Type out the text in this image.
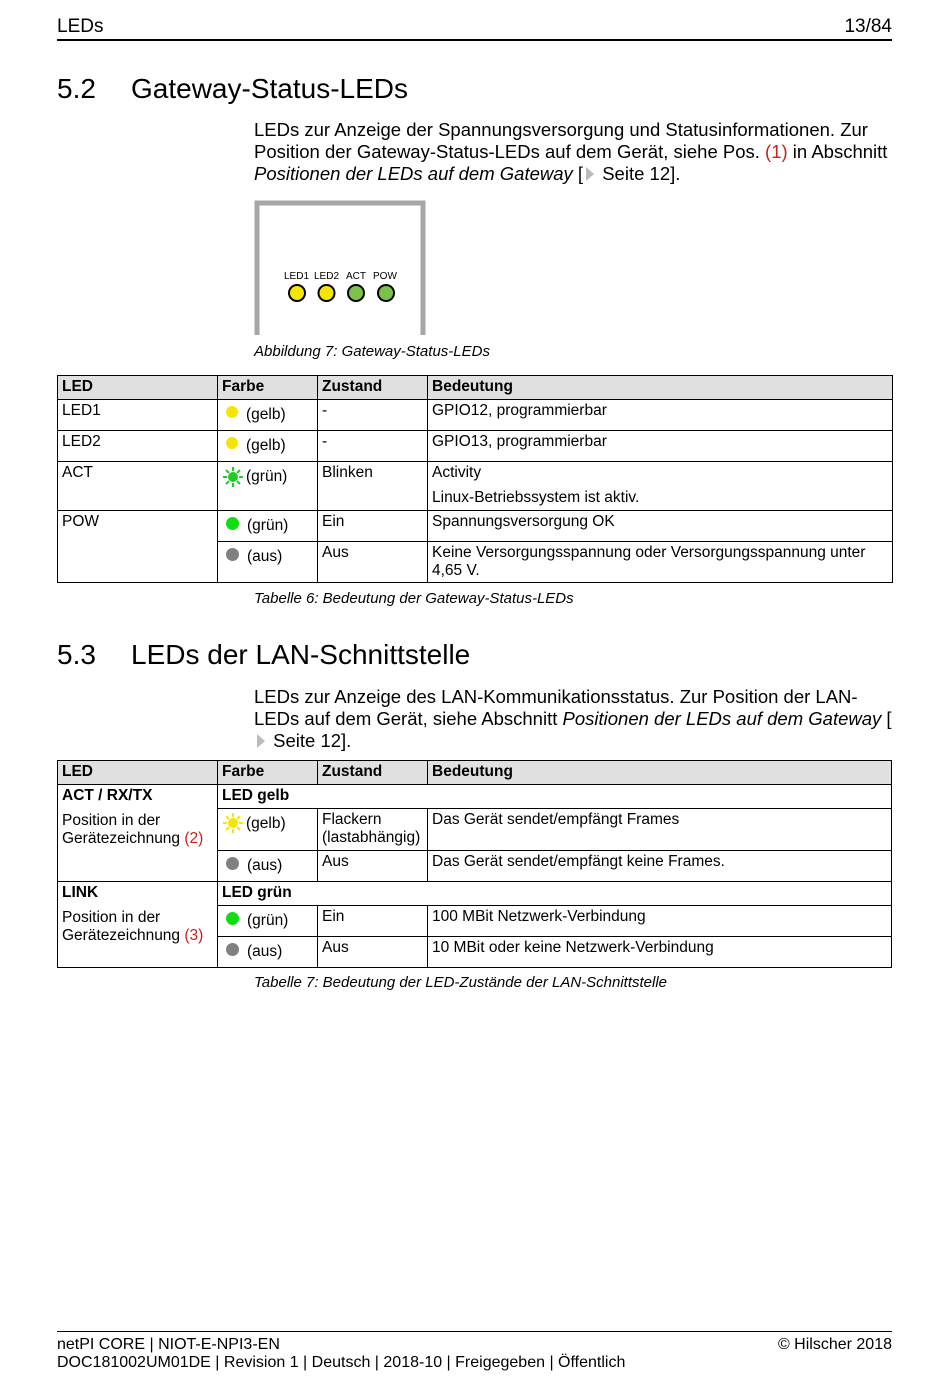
LEDs	13/84
5.2 Gateway-Status-LEDs
LEDs zur Anzeige der Spannungsversorgung und Statusinformationen. Zur Position der Gateway-Status-LEDs auf dem Gerät, siehe Pos. (1) in Abschnitt Positionen der LEDs auf dem Gateway [ Seite 12].
LED1 LED2 ACT POW
Abbildung 7: Gateway-Status-LEDs
LED	Farbe	Zustand	Bedeutung
LED1	(gelb)	-	GPIO12, programmierbar
LED2	(gelb)	-	GPIO13, programmierbar
ACT	(grün)	Blinken	Activity
Linux-Betriebssystem ist aktiv.

POW	(grün)	Ein	Spannungsversorgung OK
	(aus)	Aus	Keine Versorgungsspannung oder Versorgungsspannung unter 4,65 V.
Tabelle 6: Bedeutung der Gateway-Status-LEDs
5.3 LEDs der LAN-Schnittstelle
LEDs zur Anzeige des LAN-Kommunikationsstatus. Zur Position der LAN-LEDs auf dem Gerät, siehe Abschnitt Positionen der LEDs auf dem Gateway [ Seite 12].
LED	Farbe	Zustand	Bedeutung

ACT / RX/TX
Position in der Gerätezeichnung (2)	LED gelb		
	(gelb)	Flackern (lastabhängig)	Das Gerät sendet/empfängt Frames
	(aus)	Aus	Das Gerät sendet/empfängt keine Frames.

LINK
Position in der Gerätezeichnung (3)	LED grün		
	(grün)	Ein	100 MBit Netzwerk-Verbindung
	(aus)	Aus	10 MBit oder keine Netzwerk-Verbindung
Tabelle 7: Bedeutung der LED-Zustände der LAN-Schnittstelle
netPI CORE | NIOT-E-NPI3-EN
DOC181002UM01DE | Revision 1 | Deutsch | 2018-10 | Freigegeben | Öffentlich
© Hilscher 2018
